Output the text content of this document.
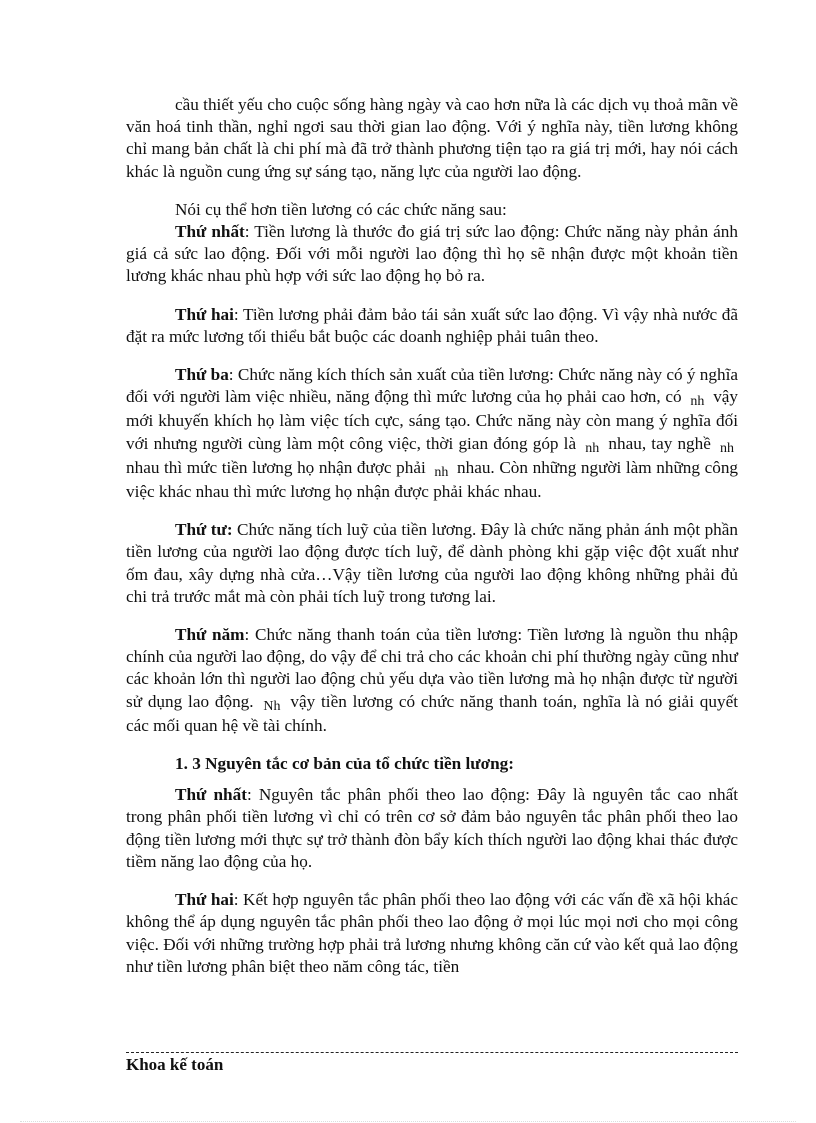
cầu thiết yếu cho cuộc sống hàng ngày và cao hơn nữa là các dịch vụ thoả mãn về văn hoá tinh thần, nghỉ ngơi sau thời gian lao động. Với ý nghĩa này, tiền lương không chỉ mang bản chất là chi phí mà đã trở thành phương tiện tạo ra giá trị mới, hay nói cách khác là nguồn cung ứng sự sáng tạo, năng lực của người lao động.

Nói cụ thể hơn tiền lương có các chức năng sau:

Thứ nhất: Tiền lương là thước đo giá trị sức lao động: Chức năng này phản ánh giá cả sức lao động. Đối với mỗi người lao động thì họ sẽ nhận được một khoản tiền lương khác nhau phù hợp với sức lao động họ bỏ ra.

Thứ hai: Tiền lương phải đảm bảo tái sản xuất sức lao động. Vì vậy nhà nước đã đặt ra mức lương tối thiểu bắt buộc các doanh nghiệp phải tuân theo.

Thứ ba: Chức năng kích thích sản xuất của tiền lương: Chức năng này có ý nghĩa đối với người làm việc nhiều, năng động thì mức lương của họ phải cao hơn, có nh vậy mới khuyến khích họ làm việc tích cực, sáng tạo. Chức năng này còn mang ý nghĩa đối với nhưng người cùng làm một công việc, thời gian đóng góp là nh nhau, tay nghề nh nhau thì mức tiền lương họ nhận được phải nh nhau. Còn những người làm những công việc khác nhau thì mức lương họ nhận được phải khác nhau.

Thứ tư: Chức năng tích luỹ của tiền lương. Đây là chức năng phản ánh một phần tiền lương của người lao động được tích luỹ, để dành phòng khi gặp việc đột xuất như ốm đau, xây dựng nhà cửa…Vậy tiền lương của người lao động không những phải đủ chi trả trước mắt mà còn phải tích luỹ trong tương lai.

Thứ năm: Chức năng thanh toán của tiền lương: Tiền lương là nguồn thu nhập chính của người lao động, do vậy để chi trả cho các khoản chi phí thường ngày cũng như các khoản lớn thì người lao động chủ yếu dựa vào tiền lương mà họ nhận được từ người sử dụng lao động. Nh vậy tiền lương có chức năng thanh toán, nghĩa là nó giải quyết các mối quan hệ về tài chính.

1. 3 Nguyên tắc cơ bản của tổ chức tiền lương:

Thứ nhất: Nguyên tắc phân phối theo lao động: Đây là nguyên tắc cao nhất trong phân phối tiền lương vì chỉ có trên cơ sở đảm bảo nguyên tắc phân phối theo lao động tiền lương mới thực sự trở thành đòn bẩy kích thích người lao động khai thác được tiềm năng lao động của họ.

Thứ hai: Kết hợp nguyên tắc phân phối theo lao động với các vấn đề xã hội khác không thể áp dụng nguyên tắc phân phối theo lao động ở mọi lúc mọi nơi cho mọi công việc. Đối với những trường hợp phải trả lương nhưng không căn cứ vào kết quả lao động như tiền lương phân biệt theo năm công tác, tiền

Khoa kế toán
